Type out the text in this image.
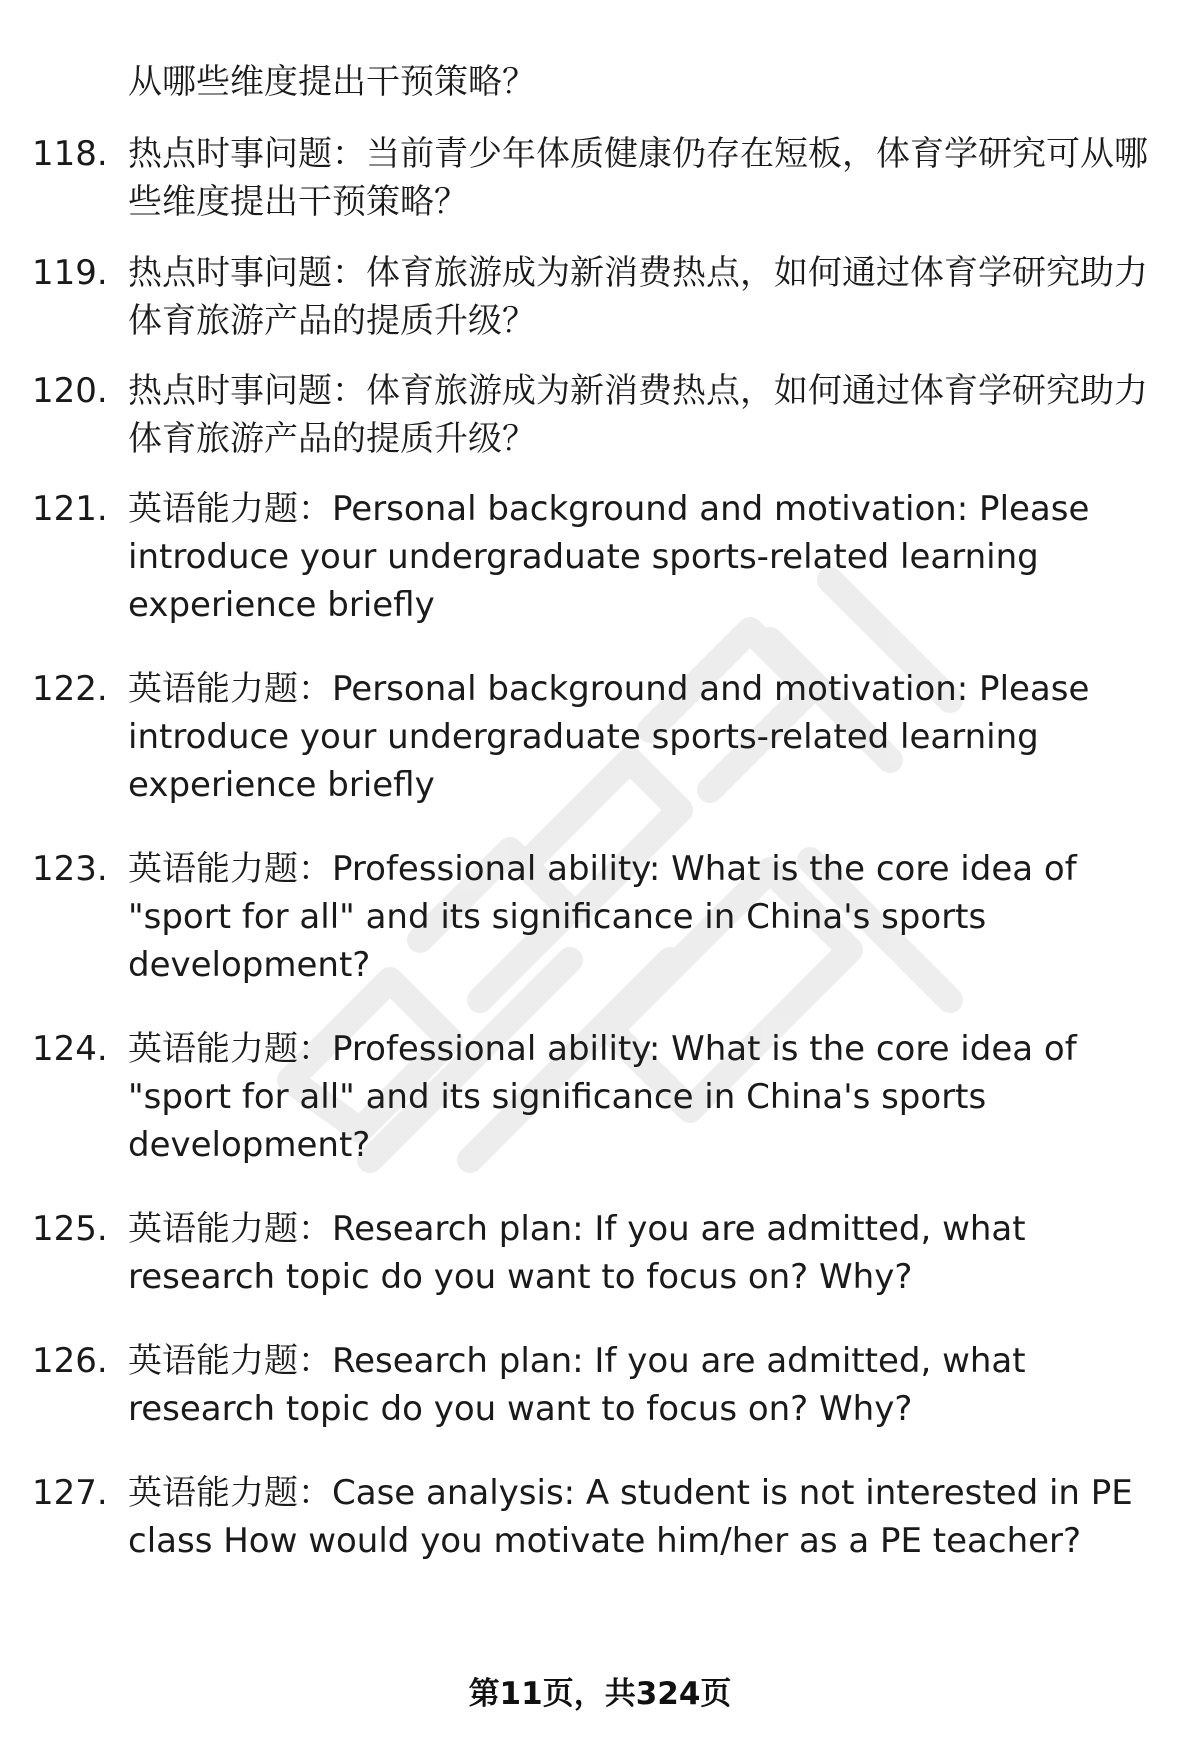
从哪些维度提出干预策略？
118. 热点时事问题：当前青少年体质健康仍存在短板，体育学研究可从哪些维度提出干预策略？
119. 热点时事问题：体育旅游成为新消费热点，如何通过体育学研究助力体育旅游产品的提质升级？
120. 热点时事问题：体育旅游成为新消费热点，如何通过体育学研究助力体育旅游产品的提质升级？
121. 英语能力题：Personal background and motivation: Please introduce your undergraduate sports-related learning experience briefly
122. 英语能力题：Personal background and motivation: Please introduce your undergraduate sports-related learning experience briefly
123. 英语能力题：Professional ability: What is the core idea of "sport for all" and its significance in China's sports development?
124. 英语能力题：Professional ability: What is the core idea of "sport for all" and its significance in China's sports development?
125. 英语能力题：Research plan: If you are admitted, what research topic do you want to focus on? Why?
126. 英语能力题：Research plan: If you are admitted, what research topic do you want to focus on? Why?
127. 英语能力题：Case analysis: A student is not interested in PE class How would you motivate him/her as a PE teacher?
第11页，共324页
